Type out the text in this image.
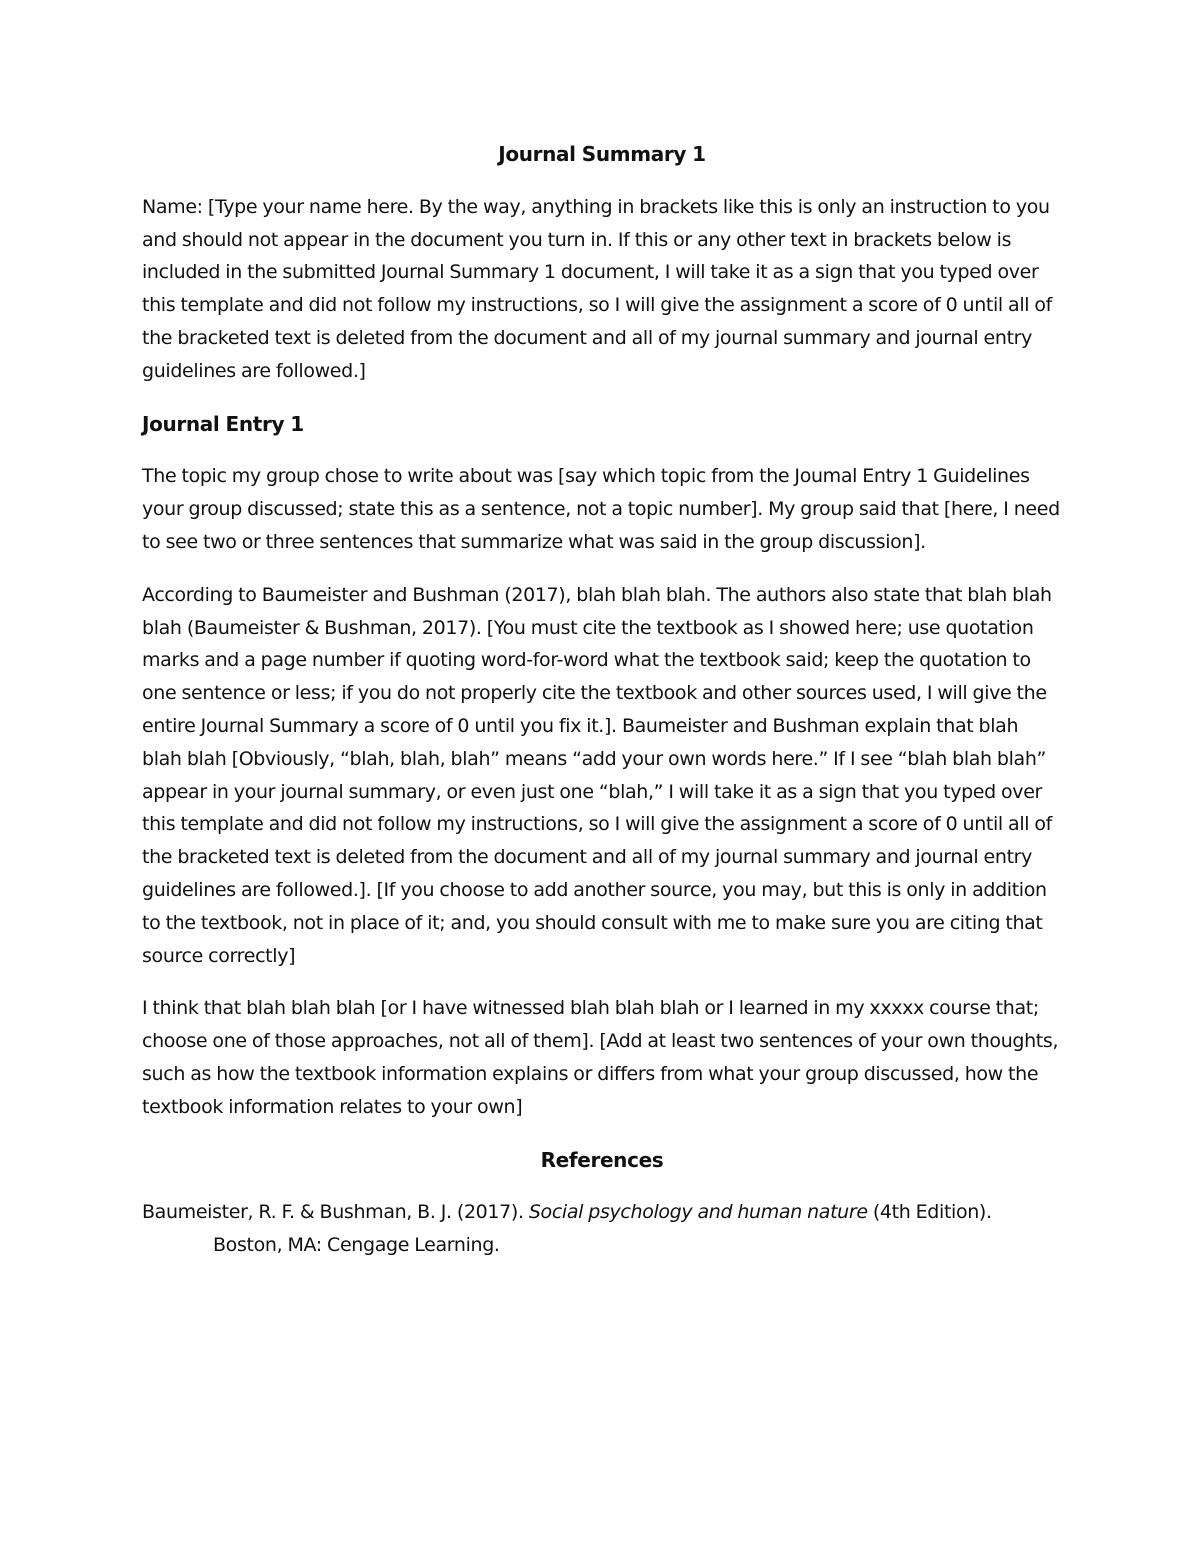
Journal Summary 1

Name: [Type your name here. By the way, anything in brackets like this is only an instruction to you and should not appear in the document you turn in. If this or any other text in brackets below is included in the submitted Journal Summary 1 document, I will take it as a sign that you typed over this template and did not follow my instructions, so I will give the assignment a score of 0 until all of the bracketed text is deleted from the document and all of my journal summary and journal entry guidelines are followed.]

Journal Entry 1

The topic my group chose to write about was [say which topic from the Joumal Entry 1 Guidelines your group discussed; state this as a sentence, not a topic number]. My group said that [here, I need to see two or three sentences that summarize what was said in the group discussion].

According to Baumeister and Bushman (2017), blah blah blah. The authors also state that blah blah blah (Baumeister & Bushman, 2017). [You must cite the textbook as I showed here; use quotation marks and a page number if quoting word-for-word what the textbook said; keep the quotation to one sentence or less; if you do not properly cite the textbook and other sources used, I will give the entire Journal Summary a score of 0 until you fix it.]. Baumeister and Bushman explain that blah blah blah [Obviously, “blah, blah, blah” means “add your own words here.” If I see “blah blah blah” appear in your journal summary, or even just one “blah,” I will take it as a sign that you typed over this template and did not follow my instructions, so I will give the assignment a score of 0 until all of the bracketed text is deleted from the document and all of my journal summary and journal entry guidelines are followed.]. [If you choose to add another source, you may, but this is only in addition to the textbook, not in place of it; and, you should consult with me to make sure you are citing that source correctly]

I think that blah blah blah [or I have witnessed blah blah blah or I learned in my xxxxx course that; choose one of those approaches, not all of them]. [Add at least two sentences of your own thoughts, such as how the textbook information explains or differs from what your group discussed, how the textbook information relates to your own]

References
Baumeister, R. F. & Bushman, B. J. (2017). Social psychology and human nature (4th Edition). Boston, MA: Cengage Learning.
